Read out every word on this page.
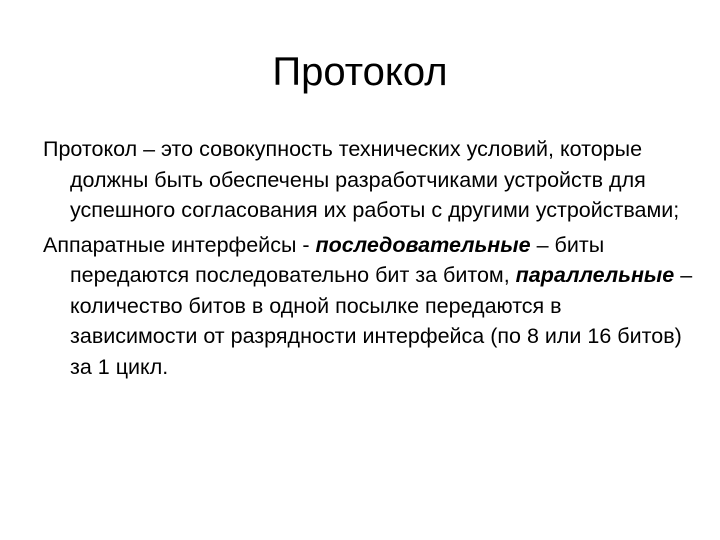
Протокол

Протокол – это совокупность технических условий, которые должны быть обеспечены разработчиками устройств для успешного согласования их работы с другими устройствами;

Аппаратные интерфейсы - последовательные – биты передаются последовательно бит за битом, параллельные – количество битов в одной посылке передаются в зависимости от разрядности интерфейса (по 8 или 16 битов) за 1 цикл.
